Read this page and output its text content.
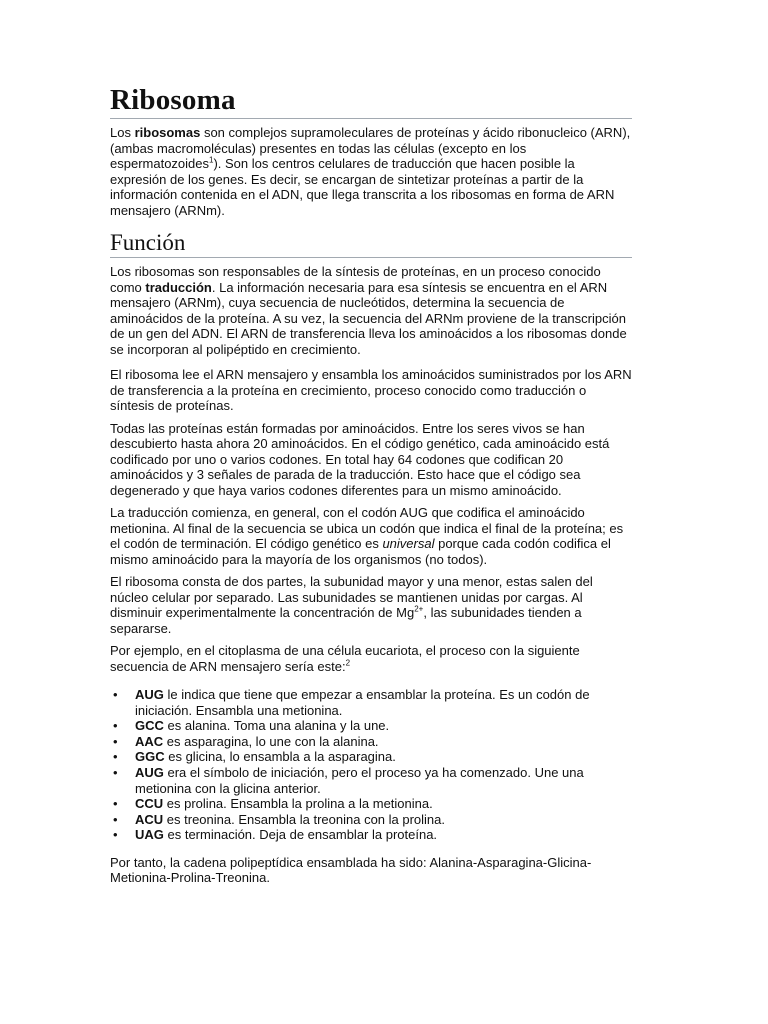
Ribosoma

Los ribosomas son complejos supramoleculares de proteínas y ácido ribonucleico (ARN), (ambas macromoléculas) presentes en todas las células (excepto en los espermatozoides$^1$). Son los centros celulares de traducción que hacen posible la expresión de los genes. Es decir, se encargan de sintetizar proteínas a partir de la información contenida en el ADN, que llega transcrita a los ribosomas en forma de ARN mensajero (ARNm).

Función

Los ribosomas son responsables de la síntesis de proteínas, en un proceso conocido como traducción. La información necesaria para esa síntesis se encuentra en el ARN mensajero (ARNm), cuya secuencia de nucleótidos, determina la secuencia de aminoácidos de la proteína. A su vez, la secuencia del ARNm proviene de la transcripción de un gen del ADN. El ARN de transferencia lleva los aminoácidos a los ribosomas donde se incorporan al polipéptido en crecimiento.

El ribosoma lee el ARN mensajero y ensambla los aminoácidos suministrados por los ARN de transferencia a la proteína en crecimiento, proceso conocido como traducción o síntesis de proteínas.

Todas las proteínas están formadas por aminoácidos. Entre los seres vivos se han descubierto hasta ahora 20 aminoácidos. En el código genético, cada aminoácido está codificado por uno o varios codones. En total hay 64 codones que codifican 20 aminoácidos y 3 señales de parada de la traducción. Esto hace que el código sea degenerado y que haya varios codones diferentes para un mismo aminoácido.

La traducción comienza, en general, con el codón AUG que codifica el aminoácido metionina. Al final de la secuencia se ubica un codón que indica el final de la proteína; es el codón de terminación. El código genético es universal porque cada codón codifica el mismo aminoácido para la mayoría de los organismos (no todos).

El ribosoma consta de dos partes, la subunidad mayor y una menor, estas salen del núcleo celular por separado. Las subunidades se mantienen unidas por cargas. Al disminuir experimentalmente la concentración de $Mg^{2+}$, las subunidades tienden a separarse.

Por ejemplo, en el citoplasma de una célula eucariota, el proceso con la siguiente secuencia de ARN mensajero sería este:$^2$

• AUG le indica que tiene que empezar a ensamblar la proteína. Es un codón de iniciación. Ensambla una metionina.
• GCC es alanina. Toma una alanina y la une.
• AAC es asparagina, lo une con la alanina.
• GGC es glicina, lo ensambla a la asparagina.
• AUG era el símbolo de iniciación, pero el proceso ya ha comenzado. Une una metionina con la glicina anterior.
• CCU es prolina. Ensambla la prolina a la metionina.
• ACU es treonina. Ensambla la treonina con la prolina.
• UAG es terminación. Deja de ensamblar la proteína.

Por tanto, la cadena polipeptídica ensamblada ha sido: Alanina-Asparagina-Glicina-Metionina-Prolina-Treonina.
